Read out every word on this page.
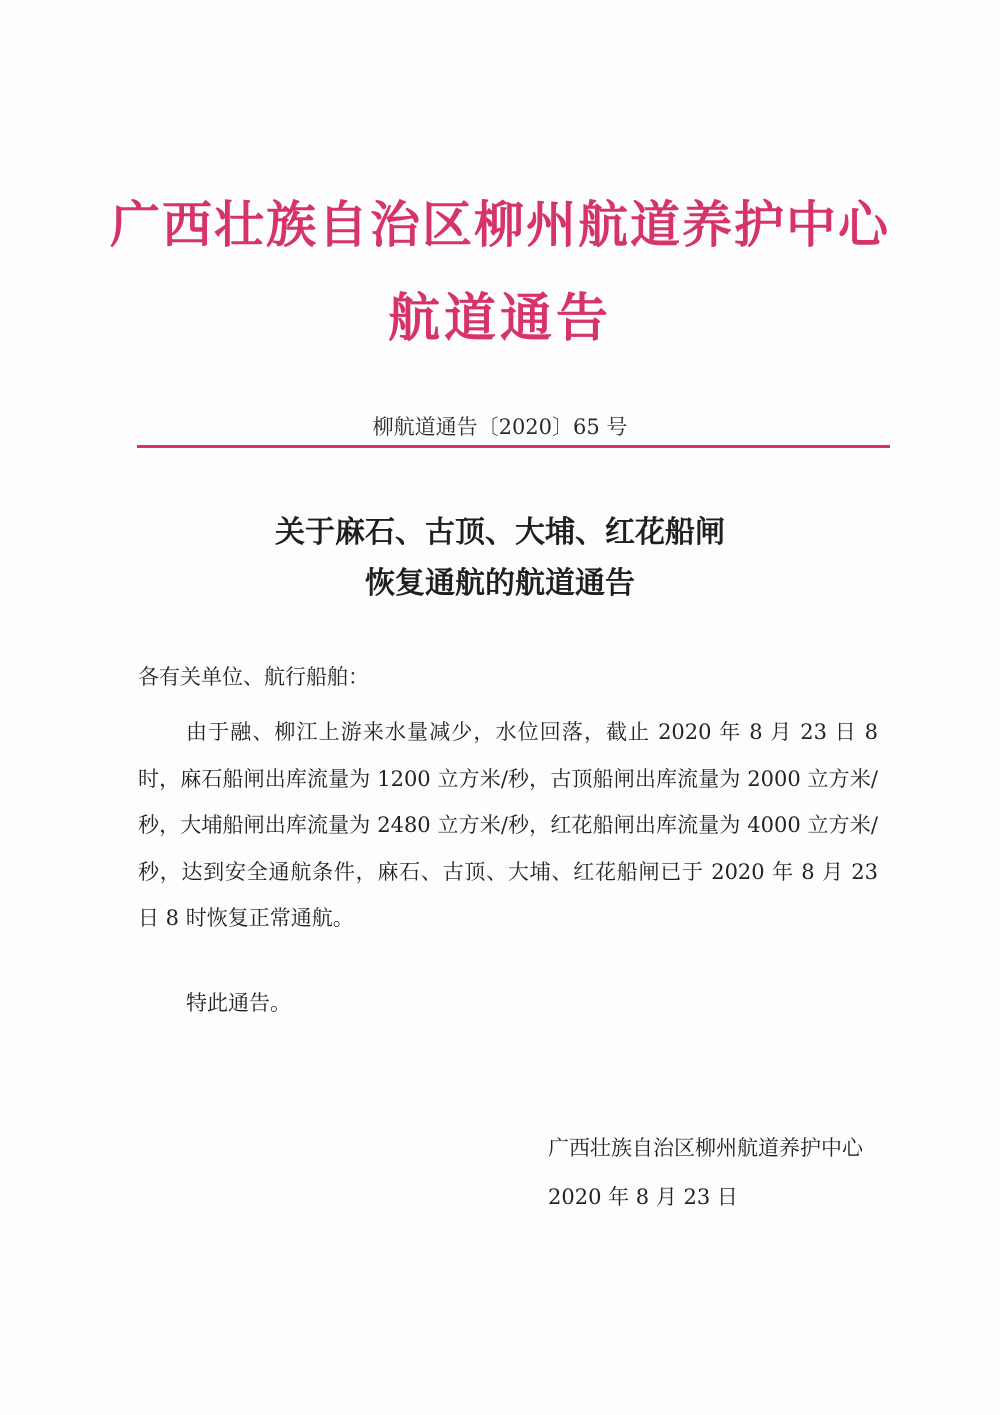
广西壮族自治区柳州航道养护中心
航道通告
柳航道通告〔2020〕65 号
关于麻石、古顶、大埔、红花船闸
恢复通航的航道通告
各有关单位、航行船舶：
由于融、柳江上游来水量减少，水位回落，截止 2020 年 8 月 23 日 8 时，麻石船闸出库流量为 1200 立方米/秒，古顶船闸出库流量为 2000 立方米/秒，大埔船闸出库流量为 2480 立方米/秒，红花船闸出库流量为 4000 立方米/秒，达到安全通航条件，麻石、古顶、大埔、红花船闸已于 2020 年 8 月 23 日 8 时恢复正常通航。
特此通告。
广西壮族自治区柳州航道养护中心
2020 年 8 月 23 日
